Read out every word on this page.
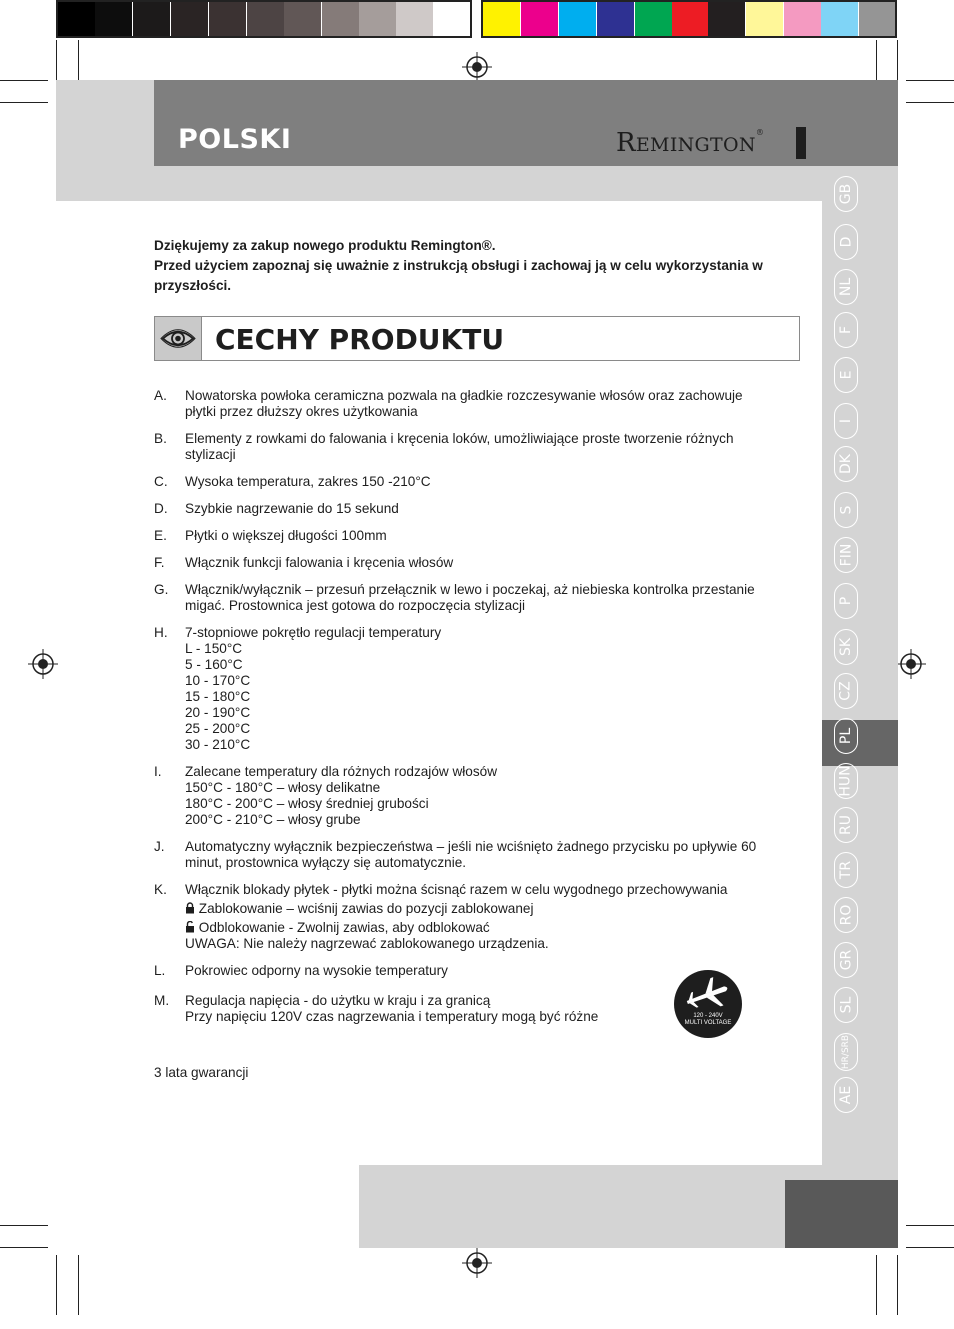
POLSKI	REMINGTON®
GB
D
NL
F
E
I
DK
S
FIN
P
SK
CZ
PL
HUN
RU
TR
RO
GR
SL
HR/SRB
AE
Dziękujemy za zakup nowego produktu Remington®.
Przed użyciem zapoznaj się uważnie z instrukcją obsługi i zachowaj ją w celu wykorzystania w przyszłości.
CECHY PRODUKTU
A.	Nowatorska powłoka ceramiczna pozwala na gładkie rozczesywanie włosów oraz zachowuje płytki przez dłuższy okres użytkowania
B.	Elementy z rowkami do falowania i kręcenia loków, umożliwiające proste tworzenie różnych stylizacji
C.	Wysoka temperatura, zakres 150 -210°C
D.	Szybkie nagrzewanie do 15 sekund
E.	Płytki o większej długości 100mm
F.	Włącznik funkcji falowania i kręcenia włosów
G.	Włącznik/wyłącznik – przesuń przełącznik w lewo i poczekaj, aż niebieska kontrolka przestanie migać. Prostownica jest gotowa do rozpoczęcia stylizacji
H.	7-stopniowe pokrętło regulacji temperatury
L - 150°C
5 - 160°C
10 - 170°C
15 - 180°C
20 - 190°C
25 - 200°C
30 - 210°C
I.	Zalecane temperatury dla różnych rodzajów włosów
150°C - 180°C – włosy delikatne
180°C - 200°C – włosy średniej grubości
200°C - 210°C – włosy grube
J.	Automatyczny wyłącznik bezpieczeństwa – jeśli nie wciśnięto żadnego przycisku po upływie 60 minut, prostownica wyłączy się automatycznie.
K.	Włącznik blokady płytek - płytki można ścisnąć razem w celu wygodnego przechowywania
Zablokowanie – wciśnij zawias do pozycji zablokowanej
Odblokowanie - Zwolnij zawias, aby odblokować
UWAGA: Nie należy nagrzewać zablokowanego urządzenia.
L.	Pokrowiec odporny na wysokie temperatury
M.	Regulacja napięcia - do użytku w kraju i za granicą
Przy napięciu 120V czas nagrzewania i temperatury mogą być różne	120 - 240V
MULTI VOLTAGE
3 lata gwarancji
